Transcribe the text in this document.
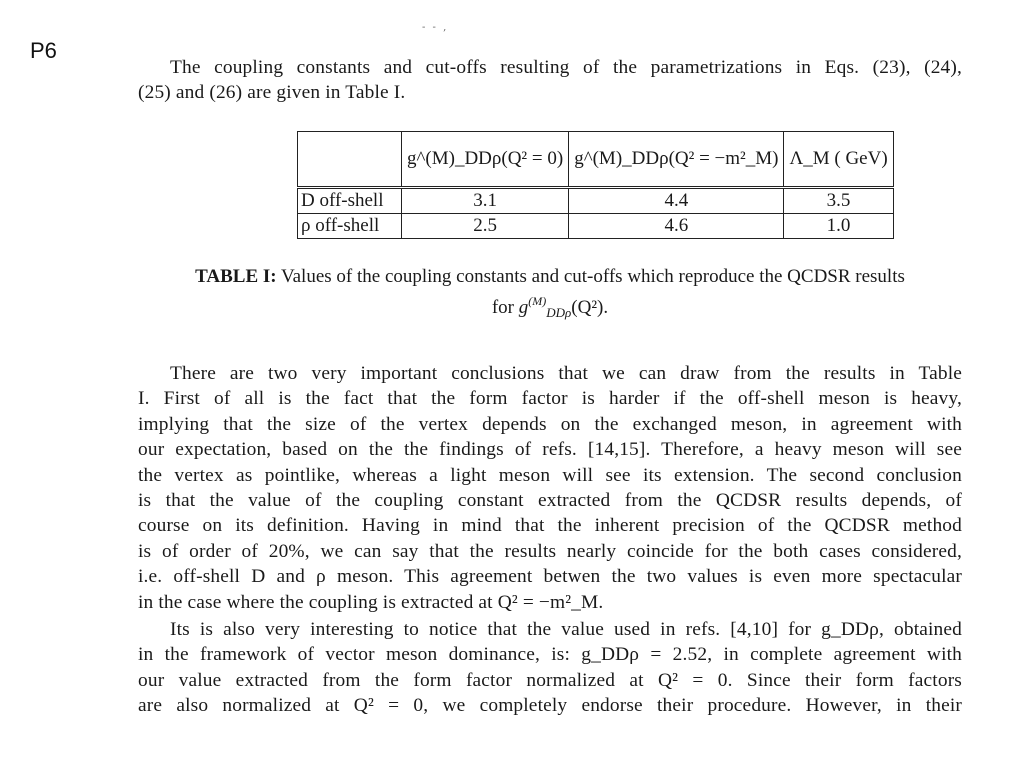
P6
- - ,
The coupling constants and cut-offs resulting of the parametrizations in Eqs. (23), (24),
(25) and (26) are given in Table I.
	g^(M)_DDρ(Q² = 0)	g^(M)_DDρ(Q² = −m²_M)	Λ_M ( GeV)
D off-shell	3.1	4.4	3.5
ρ off-shell	2.5	4.6	1.0
TABLE I: Values of the coupling constants and cut-offs which reproduce the QCDSR results
for $g^{(M)}_{DD\rho}(Q^2)$.
There are two very important conclusions that we can draw from the results in Table
I. First of all is the fact that the form factor is harder if the off-shell meson is heavy,
implying that the size of the vertex depends on the exchanged meson, in agreement with
our expectation, based on the the findings of refs. [14,15]. Therefore, a heavy meson will see
the vertex as pointlike, whereas a light meson will see its extension. The second conclusion
is that the value of the coupling constant extracted from the QCDSR results depends, of
course on its definition. Having in mind that the inherent precision of the QCDSR method
is of order of 20%, we can say that the results nearly coincide for the both cases considered,
i.e. off-shell D and ρ meson. This agreement betwen the two values is even more spectacular
in the case where the coupling is extracted at Q² = −m²_M.
Its is also very interesting to notice that the value used in refs. [4,10] for g_DDρ, obtained
in the framework of vector meson dominance, is: g_DDρ = 2.52, in complete agreement with
our value extracted from the form factor normalized at Q² = 0. Since their form factors
are also normalized at Q² = 0, we completely endorse their procedure. However, in their
